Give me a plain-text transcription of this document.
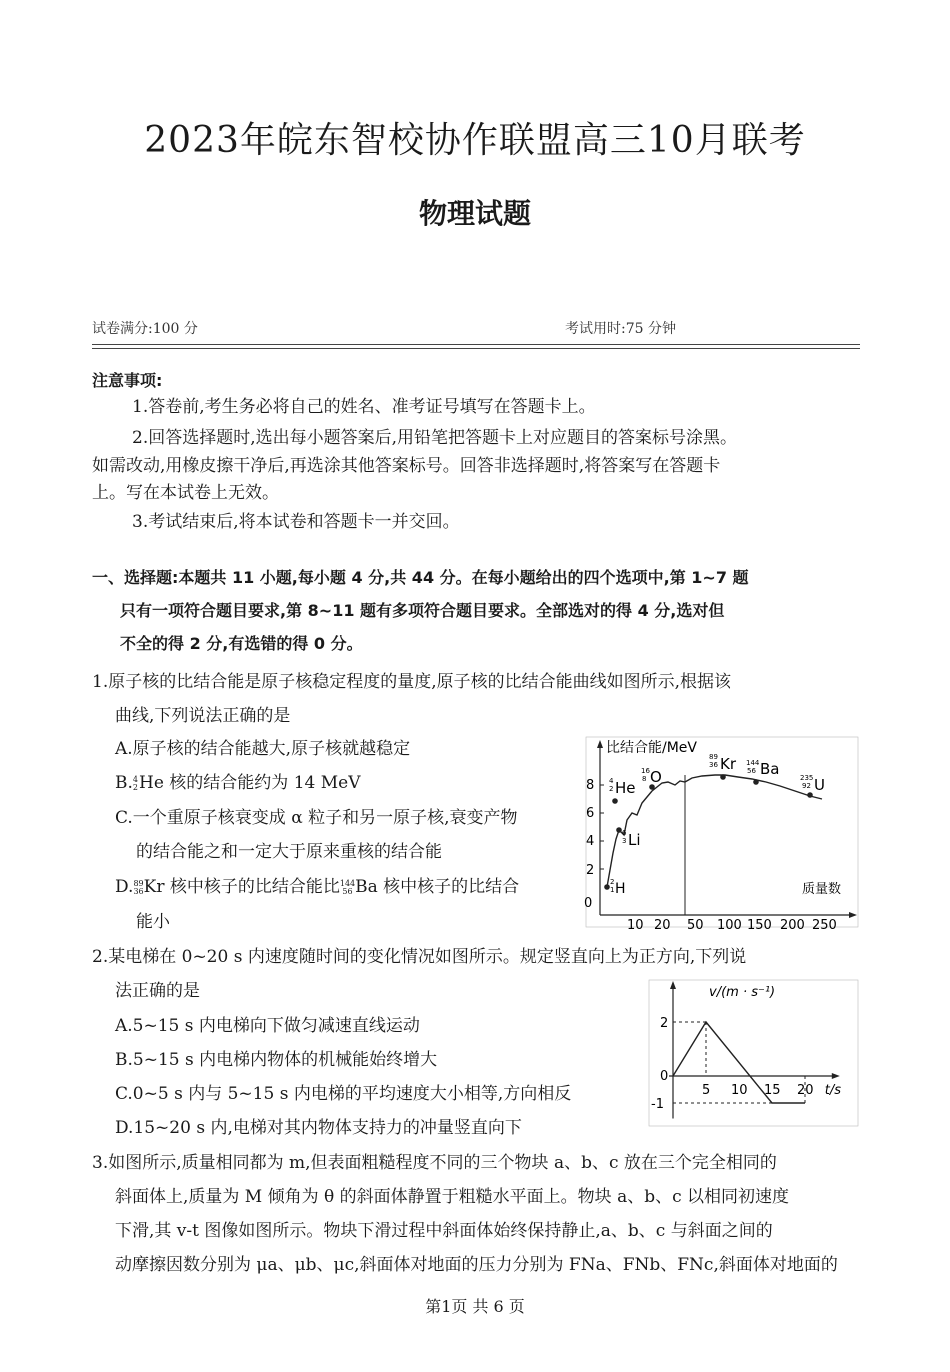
2023年皖东智校协作联盟高三10月联考
物理试题
试卷满分:100 分	考试用时:75 分钟
注意事项:
1.答卷前,考生务必将自己的姓名、准考证号填写在答题卡上。
2.回答选择题时,选出每小题答案后,用铅笔把答题卡上对应题目的答案标号涂黑。
如需改动,用橡皮擦干净后,再选涂其他答案标号。回答非选择题时,将答案写在答题卡
上。写在本试卷上无效。
3.考试结束后,将本试卷和答题卡一并交回。
一、选择题:本题共 11 小题,每小题 4 分,共 44 分。在每小题给出的四个选项中,第 1~7 题
只有一项符合题目要求,第 8~11 题有多项符合题目要求。全部选对的得 4 分,选对但
不全的得 2 分,有选错的得 0 分。
1.原子核的比结合能是原子核稳定程度的量度,原子核的比结合能曲线如图所示,根据该
曲线,下列说法正确的是
A.原子核的结合能越大,原子核就越稳定
B.4
2He 核的结合能约为 14 MeV
C.一个重原子核衰变成 α 粒子和另一原子核,衰变产物
的结合能之和一定大于原来重核的结合能
D.89
36Kr 核中核子的比结合能比144
56 Ba 核中核子的比结合
能小
比结合能/MeV
质量数
0
2
4
6
8
10 20 50 100 150 200 250
2
1 H
4
2 He
6
3 Li
16
8 O
89
36 Kr 144
56 Ba	235
92 U
2.某电梯在 0~20 s 内速度随时间的变化情况如图所示。规定竖直向上为正方向,下列说
法正确的是
A.5~15 s 内电梯向下做匀减速直线运动
B.5~15 s 内电梯内物体的机械能始终增大
C.0~5 s 内与 5~15 s 内电梯的平均速度大小相等,方向相反
D.15~20 s 内,电梯对其内物体支持力的冲量竖直向下
v/(m · s⁻¹)
t/s
0
5 10 15 20
2
-1
3.如图所示,质量相同都为 m,但表面粗糙程度不同的三个物块 a、b、c 放在三个完全相同的
斜面体上,质量为 M 倾角为 θ 的斜面体静置于粗糙水平面上。物块 a、b、c 以相同初速度
下滑,其 v-t 图像如图所示。物块下滑过程中斜面体始终保持静止,a、b、c 与斜面之间的
动摩擦因数分别为 μa、μb、μc,斜面体对地面的压力分别为 FNa、FNb、FNc,斜面体对地面的
第1页 共 6 页
